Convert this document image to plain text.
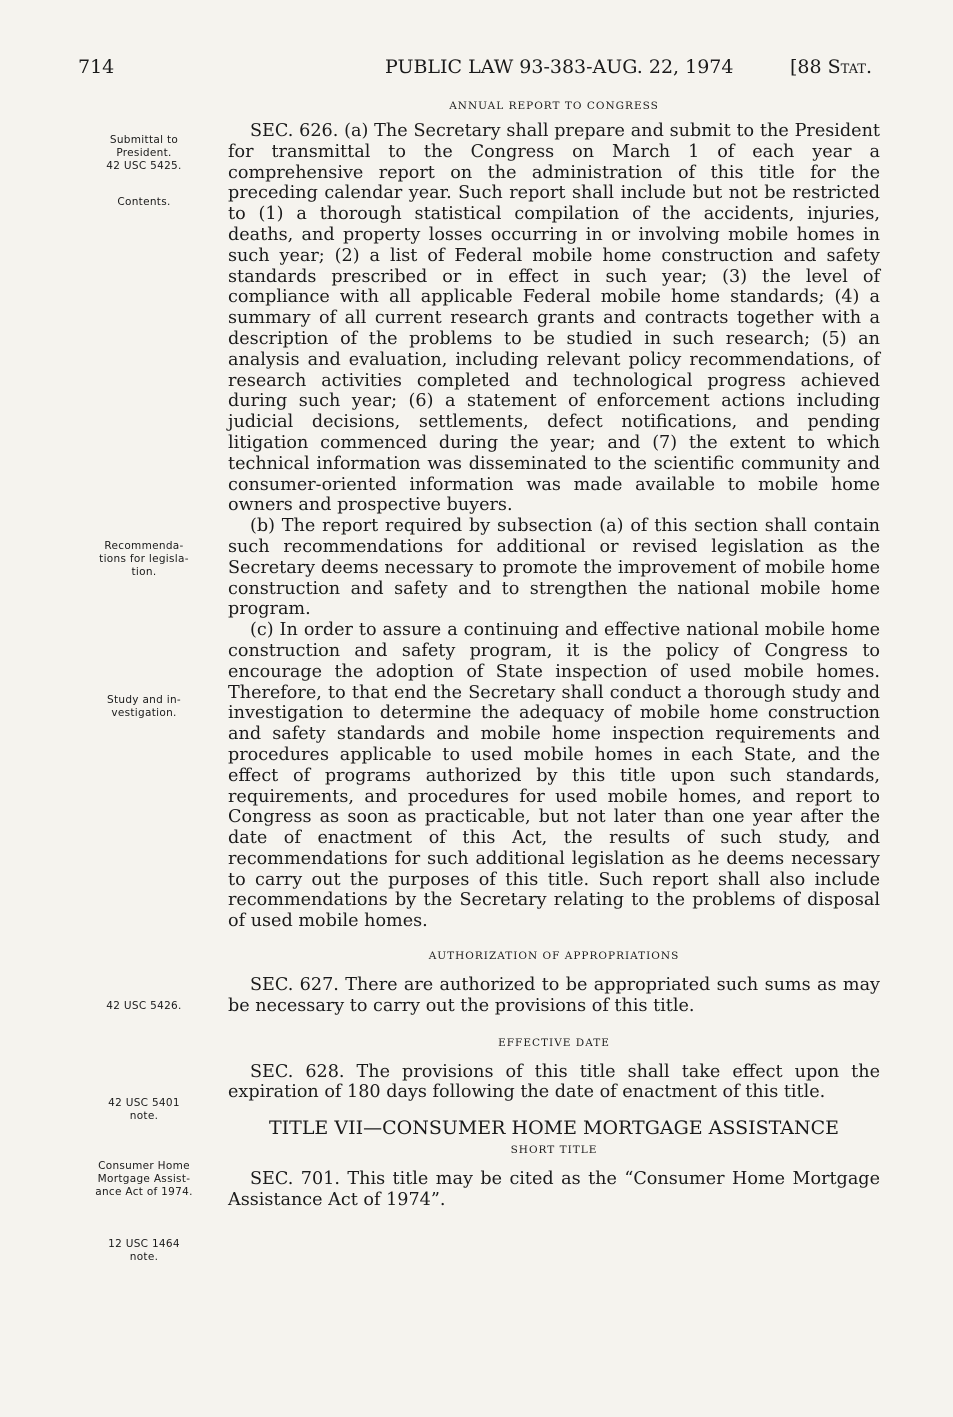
714	PUBLIC LAW 93-383-AUG. 22, 1974	[88 Stat.
Submittal to
President.
42 USC 5425.
Contents.
Recommenda-
tions for legisla-
tion.
Study and in-
vestigation.
42 USC 5426.
42 USC 5401
note.
Consumer Home
Mortgage Assist-
ance Act of 1974.
12 USC 1464
note.
ANNUAL REPORT TO CONGRESS

SEC. 626. (a) The Secretary shall prepare and submit to the President for transmittal to the Congress on March 1 of each year a comprehensive report on the administration of this title for the preceding calendar year. Such report shall include but not be restricted to (1) a thorough statistical compilation of the accidents, injuries, deaths, and property losses occurring in or involving mobile homes in such year; (2) a list of Federal mobile home construction and safety standards prescribed or in effect in such year; (3) the level of compliance with all applicable Federal mobile home standards; (4) a summary of all current research grants and contracts together with a description of the problems to be studied in such research; (5) an analysis and evaluation, including relevant policy recommendations, of research activities completed and technological progress achieved during such year; (6) a statement of enforcement actions including judicial decisions, settlements, defect notifications, and pending litigation commenced during the year; and (7) the extent to which technical information was disseminated to the scientific community and consumer-oriented information was made available to mobile home owners and prospective buyers.

(b) The report required by subsection (a) of this section shall contain such recommendations for additional or revised legislation as the Secretary deems necessary to promote the improvement of mobile home construction and safety and to strengthen the national mobile home program.

(c) In order to assure a continuing and effective national mobile home construction and safety program, it is the policy of Congress to encourage the adoption of State inspection of used mobile homes. Therefore, to that end the Secretary shall conduct a thorough study and investigation to determine the adequacy of mobile home construction and safety standards and mobile home inspection requirements and procedures applicable to used mobile homes in each State, and the effect of programs authorized by this title upon such standards, requirements, and procedures for used mobile homes, and report to Congress as soon as practicable, but not later than one year after the date of enactment of this Act, the results of such study, and recommendations for such additional legislation as he deems necessary to carry out the purposes of this title. Such report shall also include recommendations by the Secretary relating to the problems of disposal of used mobile homes.

AUTHORIZATION OF APPROPRIATIONS

SEC. 627. There are authorized to be appropriated such sums as may be necessary to carry out the provisions of this title.

EFFECTIVE DATE

SEC. 628. The provisions of this title shall take effect upon the expiration of 180 days following the date of enactment of this title.

TITLE VII—CONSUMER HOME MORTGAGE ASSISTANCE
SHORT TITLE

SEC. 701. This title may be cited as the “Consumer Home Mortgage Assistance Act of 1974”.
